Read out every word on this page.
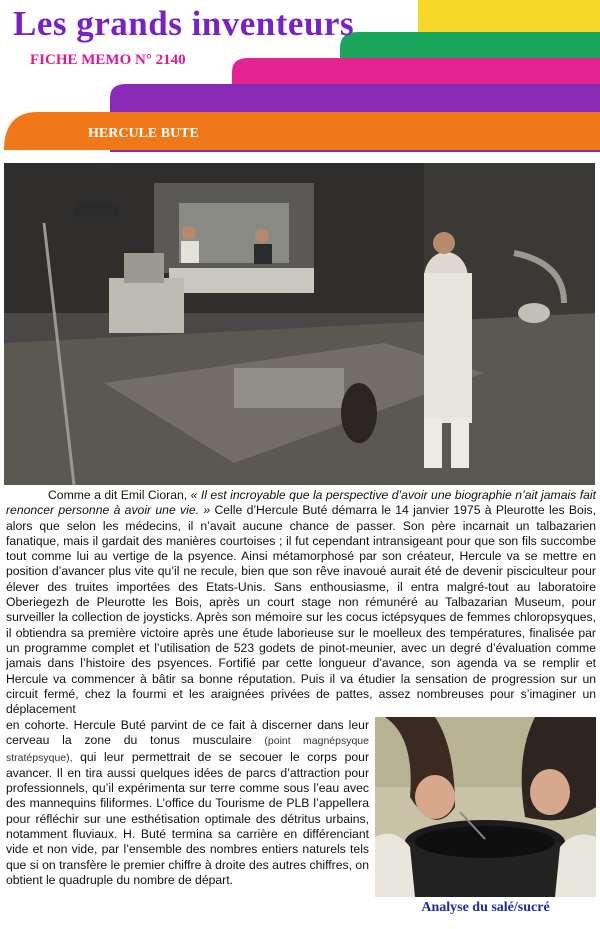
Les grands inventeurs

FICHE MEMO N° 2140

HERCULE BUTE

Comme a dit Emil Cioran, « Il est incroyable que la perspective d’avoir une biographie n’ait jamais fait renoncer personne à avoir une vie. » Celle d’Hercule Buté démarra le 14 janvier 1975 à Pleurotte les Bois, alors que selon les médecins, il n’avait aucune chance de passer. Son père incarnait un talbazarien fanatique, mais il gardait des manières courtoises ; il fut cependant intransigeant pour que son fils succombe tout comme lui au vertige de la psyence. Ainsi métamorphosé par son créateur, Hercule va se mettre en position d’avancer plus vite qu’il ne recule, bien que son rêve inavoué aurait été de devenir pisciculteur pour élever des truites importées des Etats-Unis. Sans enthousiasme, il entra malgré-tout au laboratoire Oberiegezh de Pleurotte les Bois, après un court stage non rémunéré au Talbazarian Museum, pour surveiller la collection de joysticks. Après son mémoire sur les cocus ictépsyques de femmes chloropsyques, il obtiendra sa première victoire après une étude laborieuse sur le moelleux des températures, finalisée par un programme complet et l’utilisation de 523 godets de pinot-meunier, avec un degré d’évaluation comme jamais dans l’histoire des psyences. Fortifié par cette longueur d’avance, son agenda va se remplir et Hercule va commencer à bâtir sa bonne réputation. Puis il va étudier la sensation de progression sur un circuit fermé, chez la fourmi et les araignées privées de pattes, assez nombreuses pour s’imaginer un déplacement

en cohorte. Hercule Buté parvint de ce fait à discerner dans leur cerveau la zone du tonus musculaire (point magnépsyque stratépsyque), qui leur permettrait de se secouer le corps pour avancer. Il en tira aussi quelques idées de parcs d’attraction pour professionnels, qu’il expérimenta sur terre comme sous l’eau avec des mannequins filiformes. L’office du Tourisme de PLB l’appellera pour réfléchir sur une esthétisation optimale des détritus urbains, notamment fluviaux. H. Buté termina sa carrière en différenciant vide et non vide, par l’ensemble des nombres entiers naturels tels que si on transfère le premier chiffre à droite des autres chiffres, on obtient le quadruple du nombre de départ.

Analyse du salé/sucré
